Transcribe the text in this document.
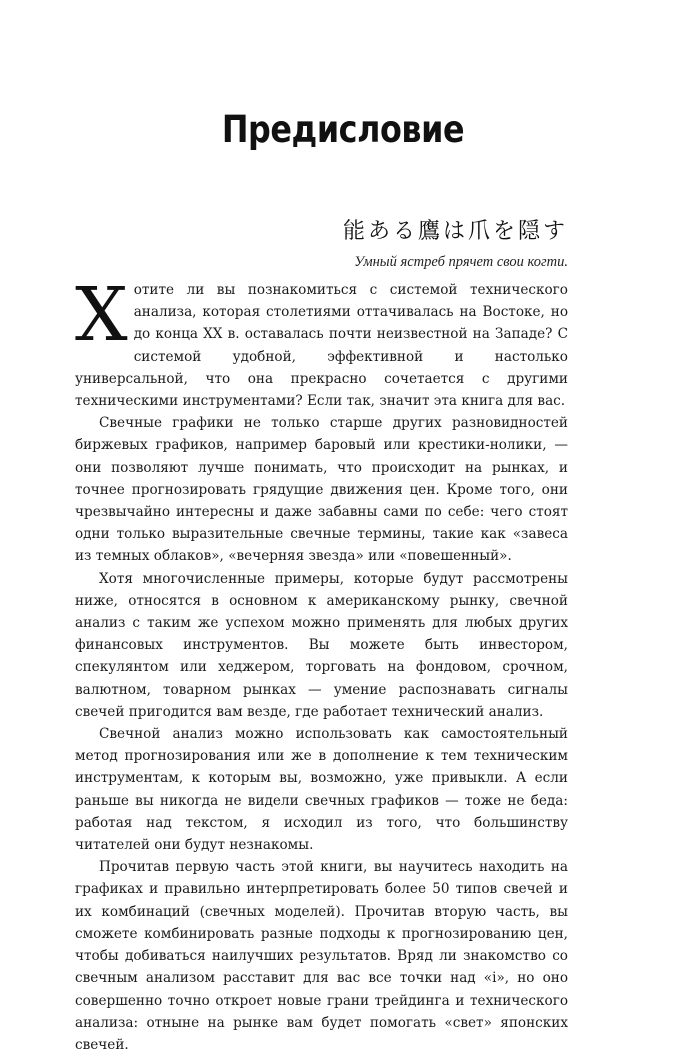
Предисловие
能ある鷹は爪を隠す
Умный ястреб прячет свои когти.

Хотите ли вы познакомиться с системой технического анализа, которая столетиями оттачивалась на Востоке, но до конца XX в. оставалась почти неизвестной на Западе? С системой удобной, эффективной и настолько универсальной, что она прекрасно сочетается с другими техническими инструментами? Если так, значит эта книга для вас.

Свечные графики не только старше других разновидностей биржевых графиков, например баровый или крестики-нолики, — они позволяют лучше понимать, что происходит на рынках, и точнее прогнозировать грядущие движения цен. Кроме того, они чрезвычайно интересны и даже забавны сами по себе: чего стоят одни только выразительные свечные термины, такие как «завеса из темных облаков», «вечерняя звезда» или «повешенный».

Хотя многочисленные примеры, которые будут рассмотрены ниже, относятся в основном к американскому рынку, свечной анализ с таким же успехом можно применять для любых других финансовых инструментов. Вы можете быть инвестором, спекулянтом или хеджером, торговать на фондовом, срочном, валютном, товарном рынках — умение распознавать сигналы свечей пригодится вам везде, где работает технический анализ.

Свечной анализ можно использовать как самостоятельный метод прогнозирования или же в дополнение к тем техническим инструментам, к которым вы, возможно, уже привыкли. А если раньше вы никогда не видели свечных графиков — тоже не беда: работая над текстом, я исходил из того, что большинству читателей они будут незнакомы.

Прочитав первую часть этой книги, вы научитесь находить на графиках и правильно интерпретировать более 50 типов свечей и их комбинаций (свечных моделей). Прочитав вторую часть, вы сможете комбинировать разные подходы к прогнозированию цен, чтобы добиваться наилучших результатов. Вряд ли знакомство со свечным анализом расставит для вас все точки над «i», но оно совершенно точно откроет новые грани трейдинга и технического анализа: отныне на рынке вам будет помогать «свет» японских свечей.
